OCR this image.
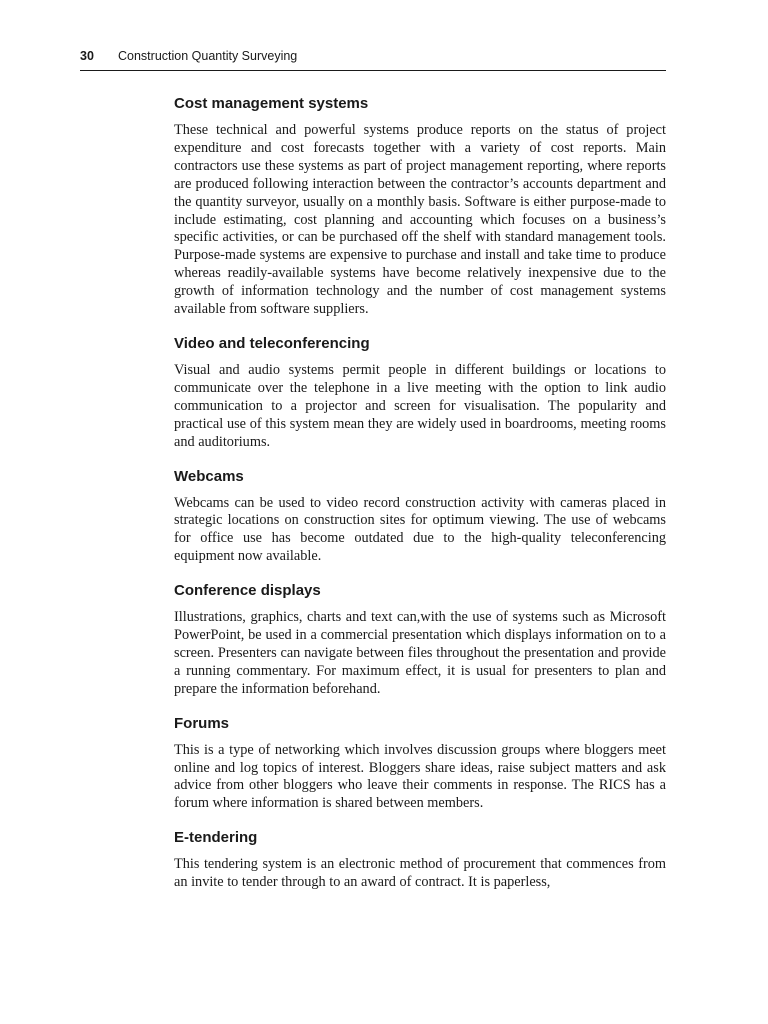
30 Construction Quantity Surveying
Cost management systems

These technical and powerful systems produce reports on the status of project expenditure and cost forecasts together with a variety of cost reports. Main contractors use these systems as part of project management reporting, where reports are produced following interaction between the contractor’s accounts department and the quantity surveyor, usually on a monthly basis. Software is either purpose-made to include estimating, cost planning and accounting which focuses on a business’s specific activities, or can be purchased off the shelf with standard management tools. Purpose-made systems are expensive to purchase and install and take time to produce whereas readily-available systems have become relatively inexpensive due to the growth of information technology and the number of cost management systems available from software suppliers.

Video and teleconferencing

Visual and audio systems permit people in different buildings or locations to communicate over the telephone in a live meeting with the option to link audio communication to a projector and screen for visualisation. The popularity and practical use of this system mean they are widely used in boardrooms, meeting rooms and auditoriums.

Webcams

Webcams can be used to video record construction activity with cameras placed in strategic locations on construction sites for optimum viewing. The use of webcams for office use has become outdated due to the high-quality teleconferencing equipment now available.

Conference displays

Illustrations, graphics, charts and text can,with the use of systems such as Microsoft PowerPoint, be used in a commercial presentation which displays information on to a screen. Presenters can navigate between files throughout the presentation and provide a running commentary. For maximum effect, it is usual for presenters to plan and prepare the information beforehand.

Forums

This is a type of networking which involves discussion groups where bloggers meet online and log topics of interest. Bloggers share ideas, raise subject matters and ask advice from other bloggers who leave their comments in response. The RICS has a forum where information is shared between members.

E-tendering

This tendering system is an electronic method of procurement that commences from an invite to tender through to an award of contract. It is paperless,
